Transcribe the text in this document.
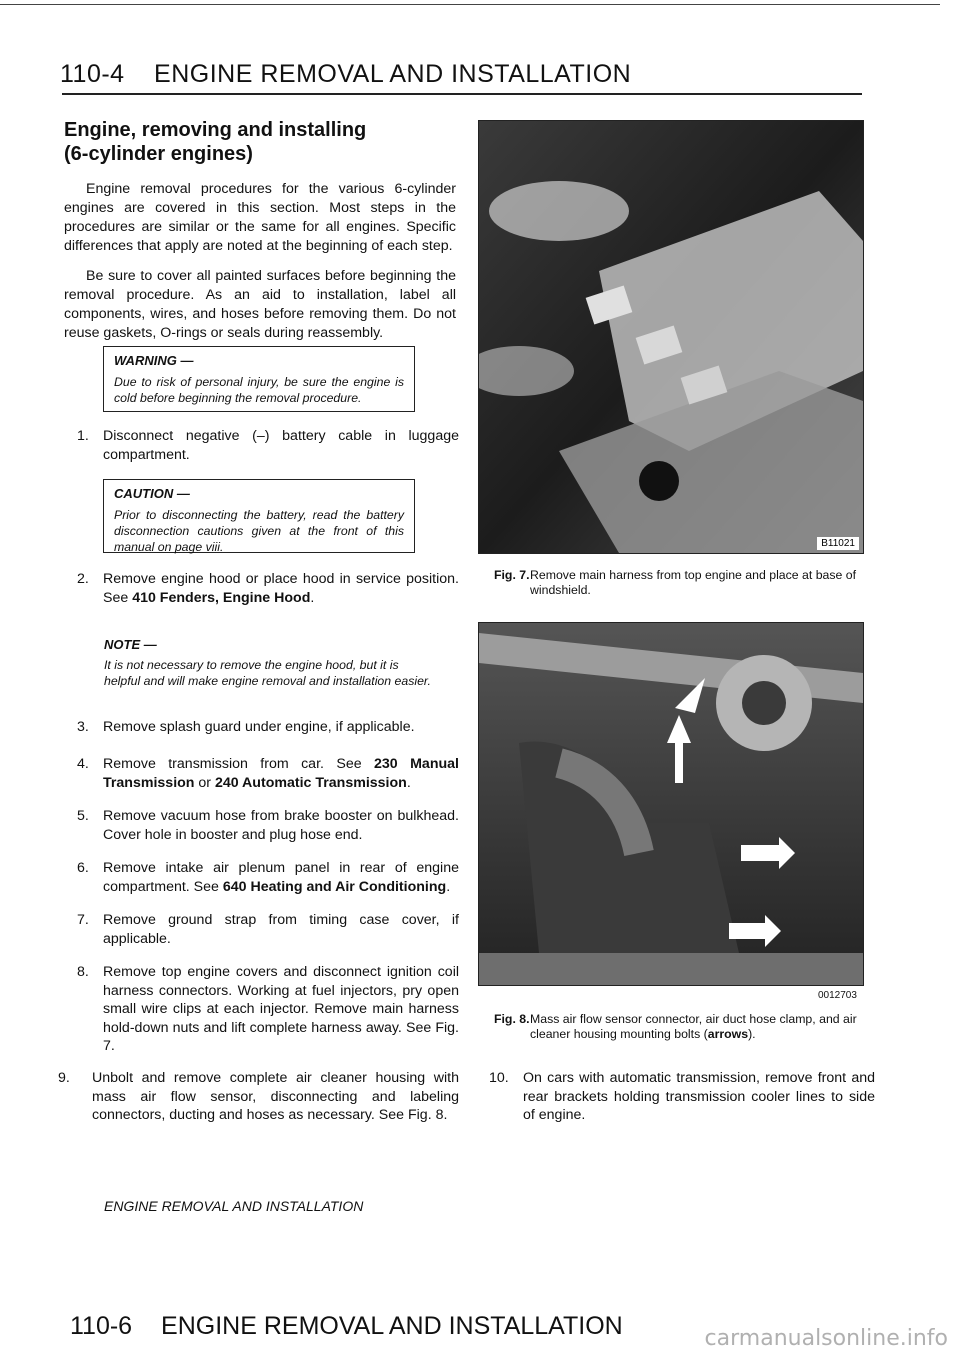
110-4 ENGINE REMOVAL AND INSTALLATION
Engine, removing and installing
(6-cylinder engines)
Engine removal procedures for the various 6-cylinder engines are covered in this section. Most steps in the procedures are similar or the same for all engines. Specific differences that apply are noted at the beginning of each step.
Be sure to cover all painted surfaces before beginning the removal procedure. As an aid to installation, label all components, wires, and hoses before removing them. Do not reuse gaskets, O-rings or seals during reassembly.
WARNING —
Due to risk of personal injury, be sure the engine is cold before beginning the removal procedure.
1. Disconnect negative (–) battery cable in luggage compartment.
CAUTION —
Prior to disconnecting the battery, read the battery disconnection cautions given at the front of this manual on page viii.
2. Remove engine hood or place hood in service position. See 410 Fenders, Engine Hood.
NOTE —
It is not necessary to remove the engine hood, but it is helpful and will make engine removal and installation easier.
3. Remove splash guard under engine, if applicable.
4. Remove transmission from car. See 230 Manual Transmission or 240 Automatic Transmission.
5. Remove vacuum hose from brake booster on bulkhead. Cover hole in booster and plug hose end.
6. Remove intake air plenum panel in rear of engine compartment. See 640 Heating and Air Conditioning.
7. Remove ground strap from timing case cover, if applicable.
8. Remove top engine covers and disconnect ignition coil harness connectors. Working at fuel injectors, pry open small wire clips at each injector. Remove main harness hold-down nuts and lift complete harness away. See Fig. 7.
9.	Unbolt and remove complete air cleaner housing with mass air flow sensor, disconnecting and labeling connectors, ducting and hoses as necessary. See Fig. 8.
10.	On cars with automatic transmission, remove front and rear brackets holding transmission cooler lines to side of engine.
B11021
Fig. 7.Remove main harness from top engine and place at base of windshield.
0012703
Fig. 8.Mass air flow sensor connector, air duct hose clamp, and air cleaner housing mounting bolts (arrows).
ENGINE REMOVAL AND INSTALLATION
110-6 ENGINE REMOVAL AND INSTALLATION	carmanualsonline.info
